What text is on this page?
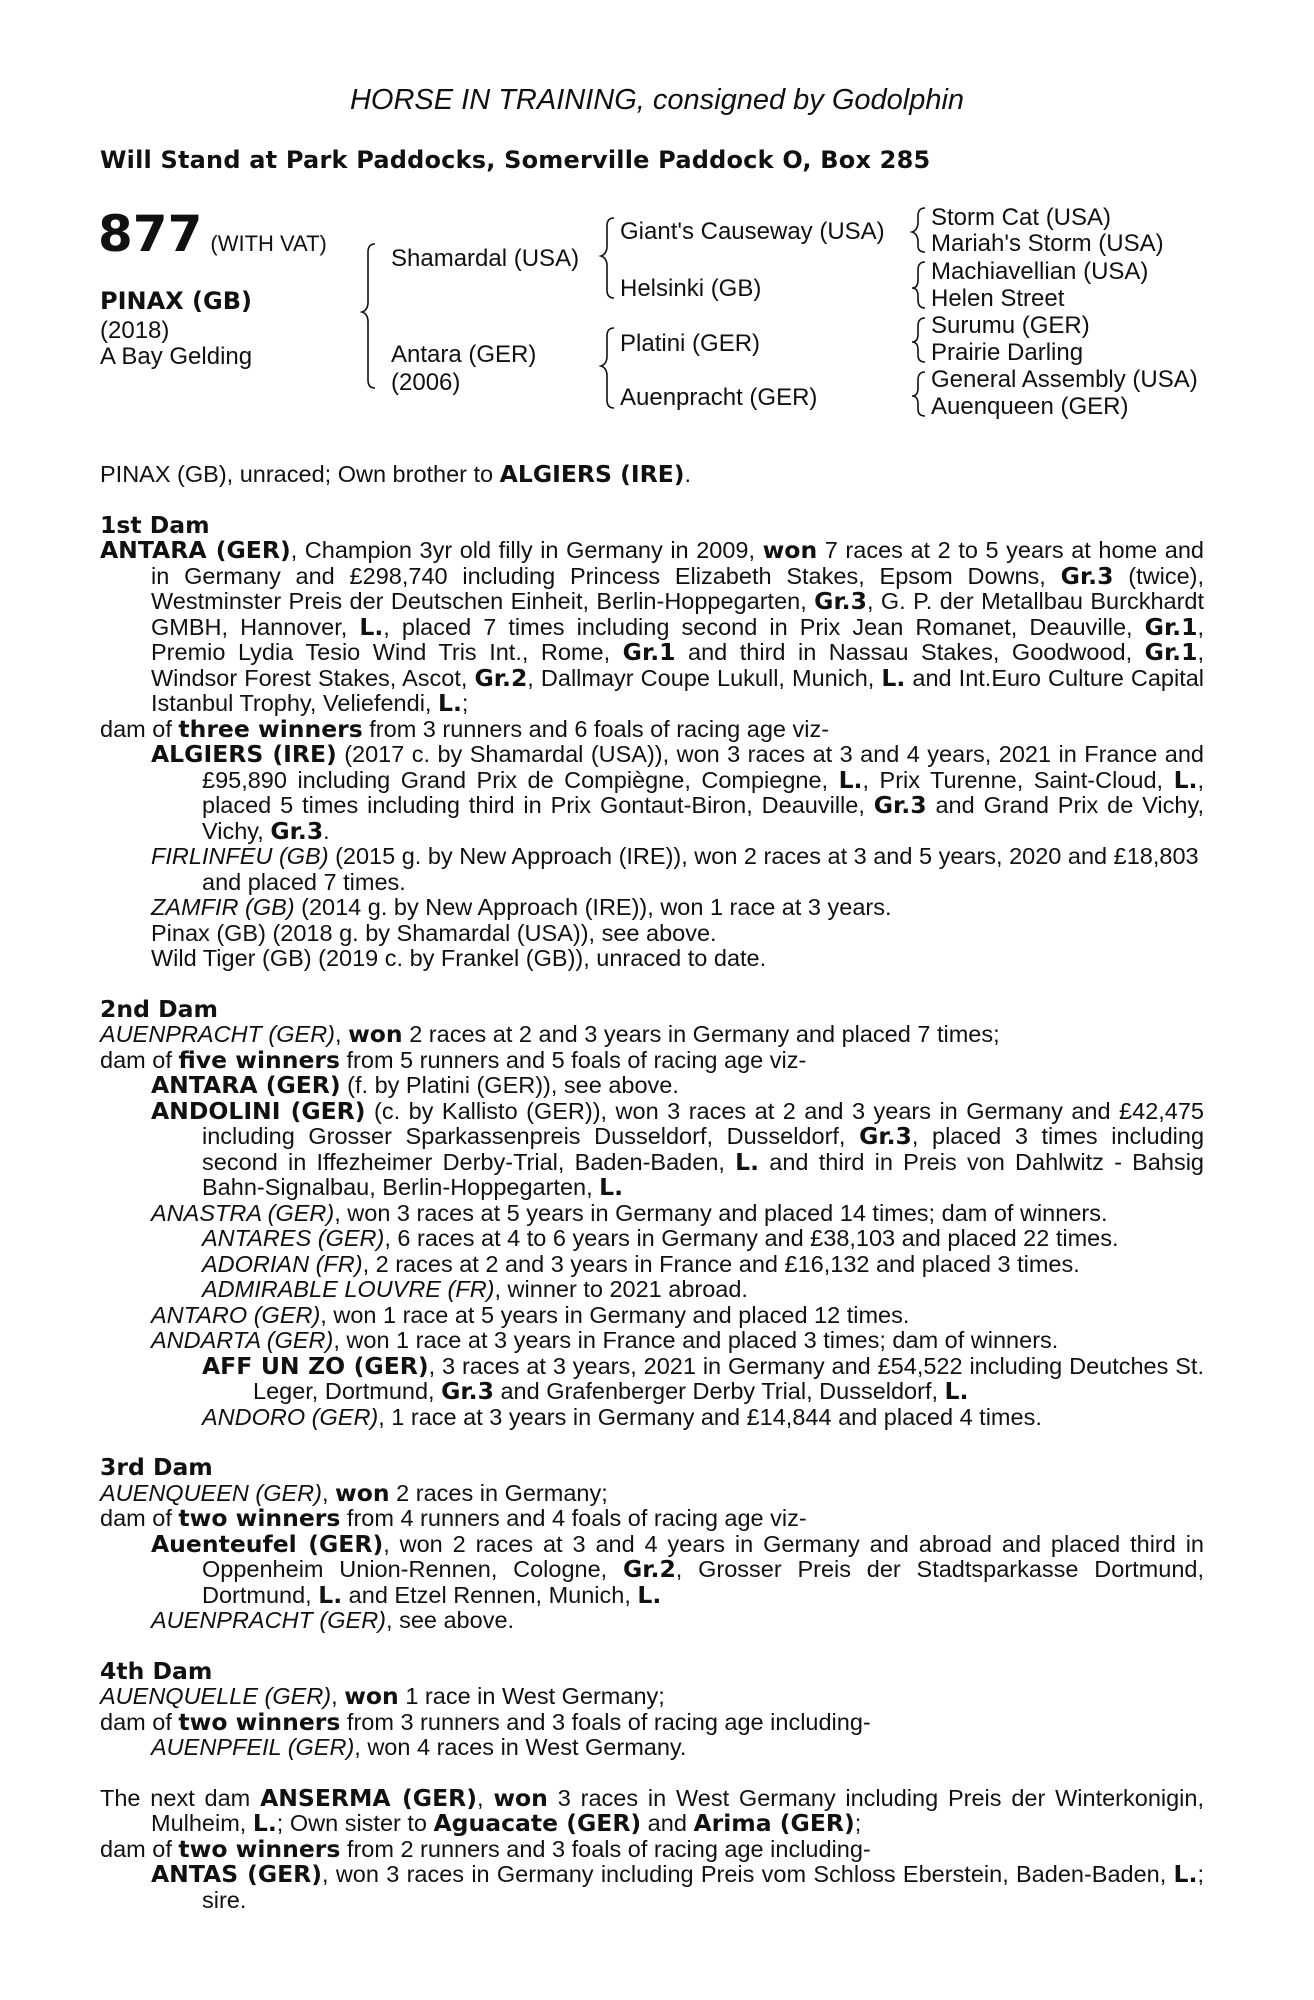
HORSE IN TRAINING, consigned by Godolphin
Will Stand at Park Paddocks, Somerville Paddock O, Box 285
877 (WITH VAT)
PINAX (GB)
(2018)
A Bay Gelding
Shamardal (USA)
Antara (GER)
(2006)
Giant's Causeway (USA)
Helsinki (GB)
Platini (GER)
Auenpracht (GER)
Storm Cat (USA)
Mariah's Storm (USA)
Machiavellian (USA)
Helen Street
Surumu (GER)
Prairie Darling
General Assembly (USA)
Auenqueen (GER)

PINAX (GB), unraced; Own brother to ALGIERS (IRE).

1st Dam

ANTARA (GER), Champion 3yr old filly in Germany in 2009, won 7 races at 2 to 5 years at home and in Germany and £298,740 including Princess Elizabeth Stakes, Epsom Downs, Gr.3 (twice), Westminster Preis der Deutschen Einheit, Berlin-Hoppegarten, Gr.3, G. P. der Metallbau Burckhardt GMBH, Hannover, L., placed 7 times including second in Prix Jean Romanet, Deauville, Gr.1, Premio Lydia Tesio Wind Tris Int., Rome, Gr.1 and third in Nassau Stakes, Goodwood, Gr.1, Windsor Forest Stakes, Ascot, Gr.2, Dallmayr Coupe Lukull, Munich, L. and Int.Euro Culture Capital Istanbul Trophy, Veliefendi, L.;

dam of three winners from 3 runners and 6 foals of racing age viz-

ALGIERS (IRE) (2017 c. by Shamardal (USA)), won 3 races at 3 and 4 years, 2021 in France and £95,890 including Grand Prix de Compiègne, Compiegne, L., Prix Turenne, Saint-Cloud, L., placed 5 times including third in Prix Gontaut-Biron, Deauville, Gr.3 and Grand Prix de Vichy, Vichy, Gr.3.

FIRLINFEU (GB) (2015 g. by New Approach (IRE)), won 2 races at 3 and 5 years, 2020 and £18,803 and placed 7 times.

ZAMFIR (GB) (2014 g. by New Approach (IRE)), won 1 race at 3 years.

Pinax (GB) (2018 g. by Shamardal (USA)), see above.

Wild Tiger (GB) (2019 c. by Frankel (GB)), unraced to date.

2nd Dam

AUENPRACHT (GER), won 2 races at 2 and 3 years in Germany and placed 7 times;

dam of five winners from 5 runners and 5 foals of racing age viz-

ANTARA (GER) (f. by Platini (GER)), see above.

ANDOLINI (GER) (c. by Kallisto (GER)), won 3 races at 2 and 3 years in Germany and £42,475 including Grosser Sparkassenpreis Dusseldorf, Dusseldorf, Gr.3, placed 3 times including second in Iffezheimer Derby-Trial, Baden-Baden, L. and third in Preis von Dahlwitz - Bahsig Bahn-Signalbau, Berlin-Hoppegarten, L.

ANASTRA (GER), won 3 races at 5 years in Germany and placed 14 times; dam of winners.

ANTARES (GER), 6 races at 4 to 6 years in Germany and £38,103 and placed 22 times.

ADORIAN (FR), 2 races at 2 and 3 years in France and £16,132 and placed 3 times.

ADMIRABLE LOUVRE (FR), winner to 2021 abroad.

ANTARO (GER), won 1 race at 5 years in Germany and placed 12 times.

ANDARTA (GER), won 1 race at 3 years in France and placed 3 times; dam of winners.

AFF UN ZO (GER), 3 races at 3 years, 2021 in Germany and £54,522 including Deutches St. Leger, Dortmund, Gr.3 and Grafenberger Derby Trial, Dusseldorf, L.

ANDORO (GER), 1 race at 3 years in Germany and £14,844 and placed 4 times.

3rd Dam

AUENQUEEN (GER), won 2 races in Germany;

dam of two winners from 4 runners and 4 foals of racing age viz-

Auenteufel (GER), won 2 races at 3 and 4 years in Germany and abroad and placed third in Oppenheim Union-Rennen, Cologne, Gr.2, Grosser Preis der Stadtsparkasse Dortmund, Dortmund, L. and Etzel Rennen, Munich, L.

AUENPRACHT (GER), see above.

4th Dam

AUENQUELLE (GER), won 1 race in West Germany;

dam of two winners from 3 runners and 3 foals of racing age including-

AUENPFEIL (GER), won 4 races in West Germany.

The next dam ANSERMA (GER), won 3 races in West Germany including Preis der Winterkonigin, Mulheim, L.; Own sister to Aguacate (GER) and Arima (GER);

dam of two winners from 2 runners and 3 foals of racing age including-

ANTAS (GER), won 3 races in Germany including Preis vom Schloss Eberstein, Baden-Baden, L.; sire.
